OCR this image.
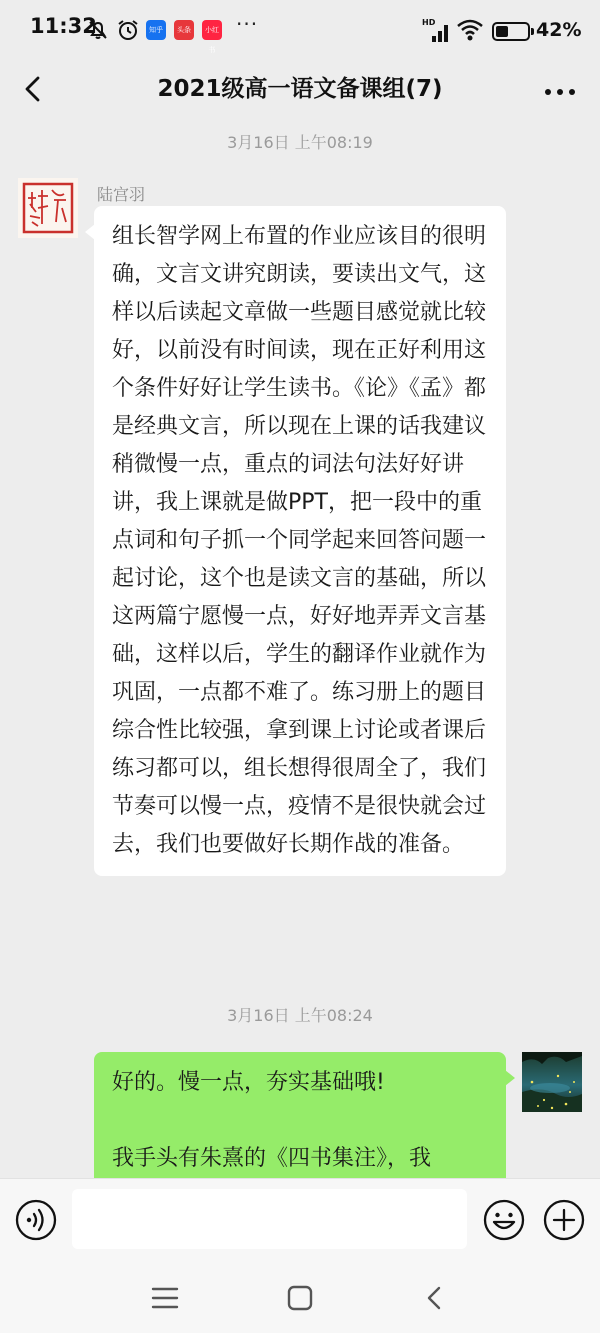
11:32	知乎	头条	小红书
···	HD	42%
2021级高一语文备课组(7)
3月16日 上午08:19
陆宫羽
组长智学网上布置的作业应该目的很明确，文言文讲究朗读，要读出文气，这样以后读起文章做一些题目感觉就比较好，以前没有时间读，现在正好利用这个条件好好让学生读书。《论》《孟》都是经典文言，所以现在上课的话我建议稍微慢一点，重点的词法句法好好讲讲，我上课就是做PPT，把一段中的重点词和句子抓一个同学起来回答问题一起讨论，这个也是读文言的基础，所以这两篇宁愿慢一点，好好地弄弄文言基础，这样以后，学生的翻译作业就作为巩固，一点都不难了。练习册上的题目综合性比较强，拿到课上讨论或者课后练习都可以，组长想得很周全了，我们节奏可以慢一点，疫情不是很快就会过去，我们也要做好长期作战的准备。
3月16日 上午08:24
好的。慢一点，夯实基础哦!

我手头有朱熹的《四书集注》，我
